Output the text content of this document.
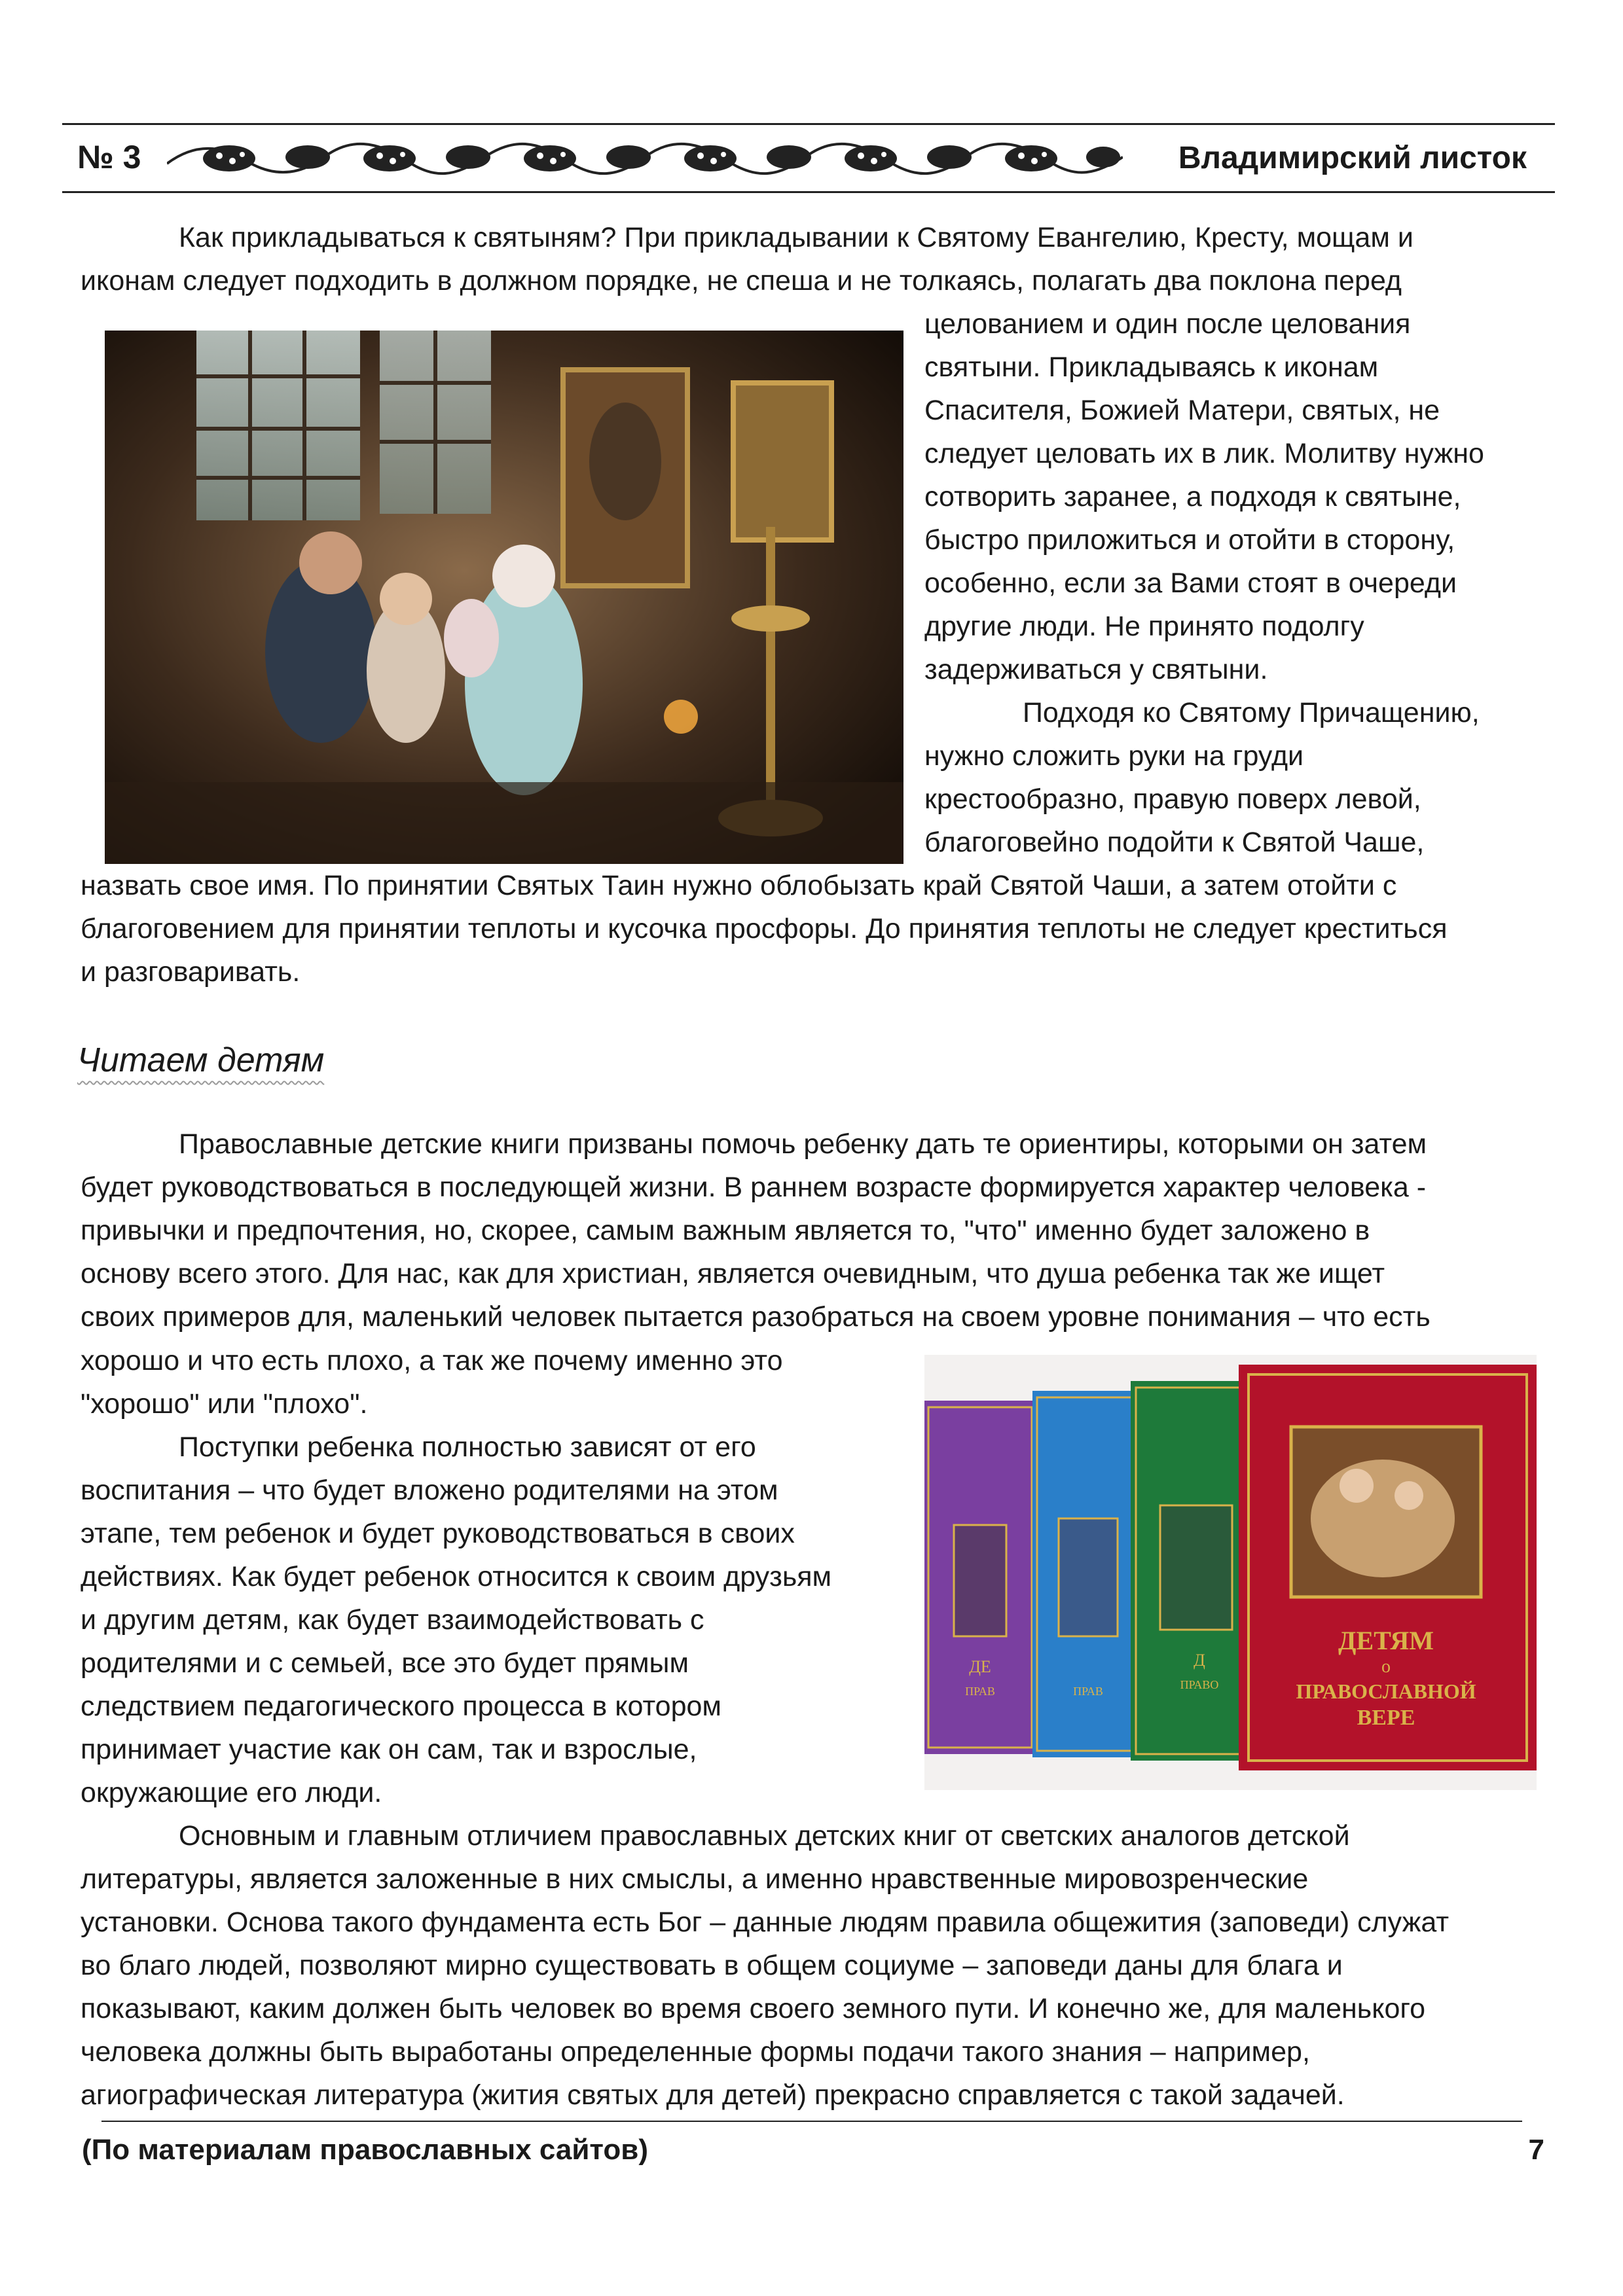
№ 3	Владимирский листок

Как прикладываться к святыням? При прикладывании к Святому Евангелию, Кресту, мощам и

иконам следует подходить в должном порядке, не спеша и не толкаясь, полагать два поклона перед

целованием и один после целования

святыни. Прикладываясь к иконам

Спасителя, Божией Матери, святых, не

следует целовать их в лик. Молитву нужно

сотворить заранее, а подходя к святыне,

быстро приложиться и отойти в сторону,

особенно, если за Вами стоят в очереди

другие люди. Не принято подолгу

задерживаться у святыни.

Подходя ко Святому Причащению,

нужно сложить руки на груди

крестообразно, правую поверх левой,

благоговейно подойти к Святой Чаше,

назвать свое имя. По принятии Святых Таин нужно облобызать край Святой Чаши, а затем отойти с

благоговением для принятии теплоты и кусочка просфоры. До принятия теплоты не следует креститься

и разговаривать.

Читаем детям

Православные детские книги призваны помочь ребенку дать те ориентиры, которыми он затем

будет руководствоваться в последующей жизни. В раннем возрасте формируется характер человека -

привычки и предпочтения, но, скорее, самым важным является то, "что" именно будет заложено в

основу всего этого. Для нас, как для христиан, является очевидным, что душа ребенка так же ищет

своих примеров для, маленький человек пытается разобраться на своем уровне понимания – что есть

хорошо и что есть плохо, а так же почему именно это

"хорошо" или "плохо".

Поступки ребенка полностью зависят от его

воспитания – что будет вложено родителями на этом

этапе, тем ребенок и будет руководствоваться в своих

действиях. Как будет ребенок относится к своим друзьям

и другим детям, как будет взаимодействовать с

родителями и с семьей, все это будет прямым

следствием педагогического процесса в котором

принимает участие как он сам, так и взрослые,

окружающие его люди.

ДЕ
ПРАВ	ПРАВ
Д
ПРАВО
ДЕТЯМ
о
ПРАВОСЛАВНОЙ
ВЕРЕ

Основным и главным отличием православных детских книг от светских аналогов детской

литературы, является заложенные в них смыслы, а именно нравственные мировозренческие

установки. Основа такого фундамента есть Бог – данные людям правила общежития (заповеди) служат

во благо людей, позволяют мирно существовать в общем социуме – заповеди даны для блага и

показывают, каким должен быть человек во время своего земного пути. И конечно же, для маленького

человека должны быть выработаны определенные формы подачи такого знания – например,

агиографическая литература (жития святых для детей) прекрасно справляется с такой задачей.

(По материалам православных сайтов)	7
